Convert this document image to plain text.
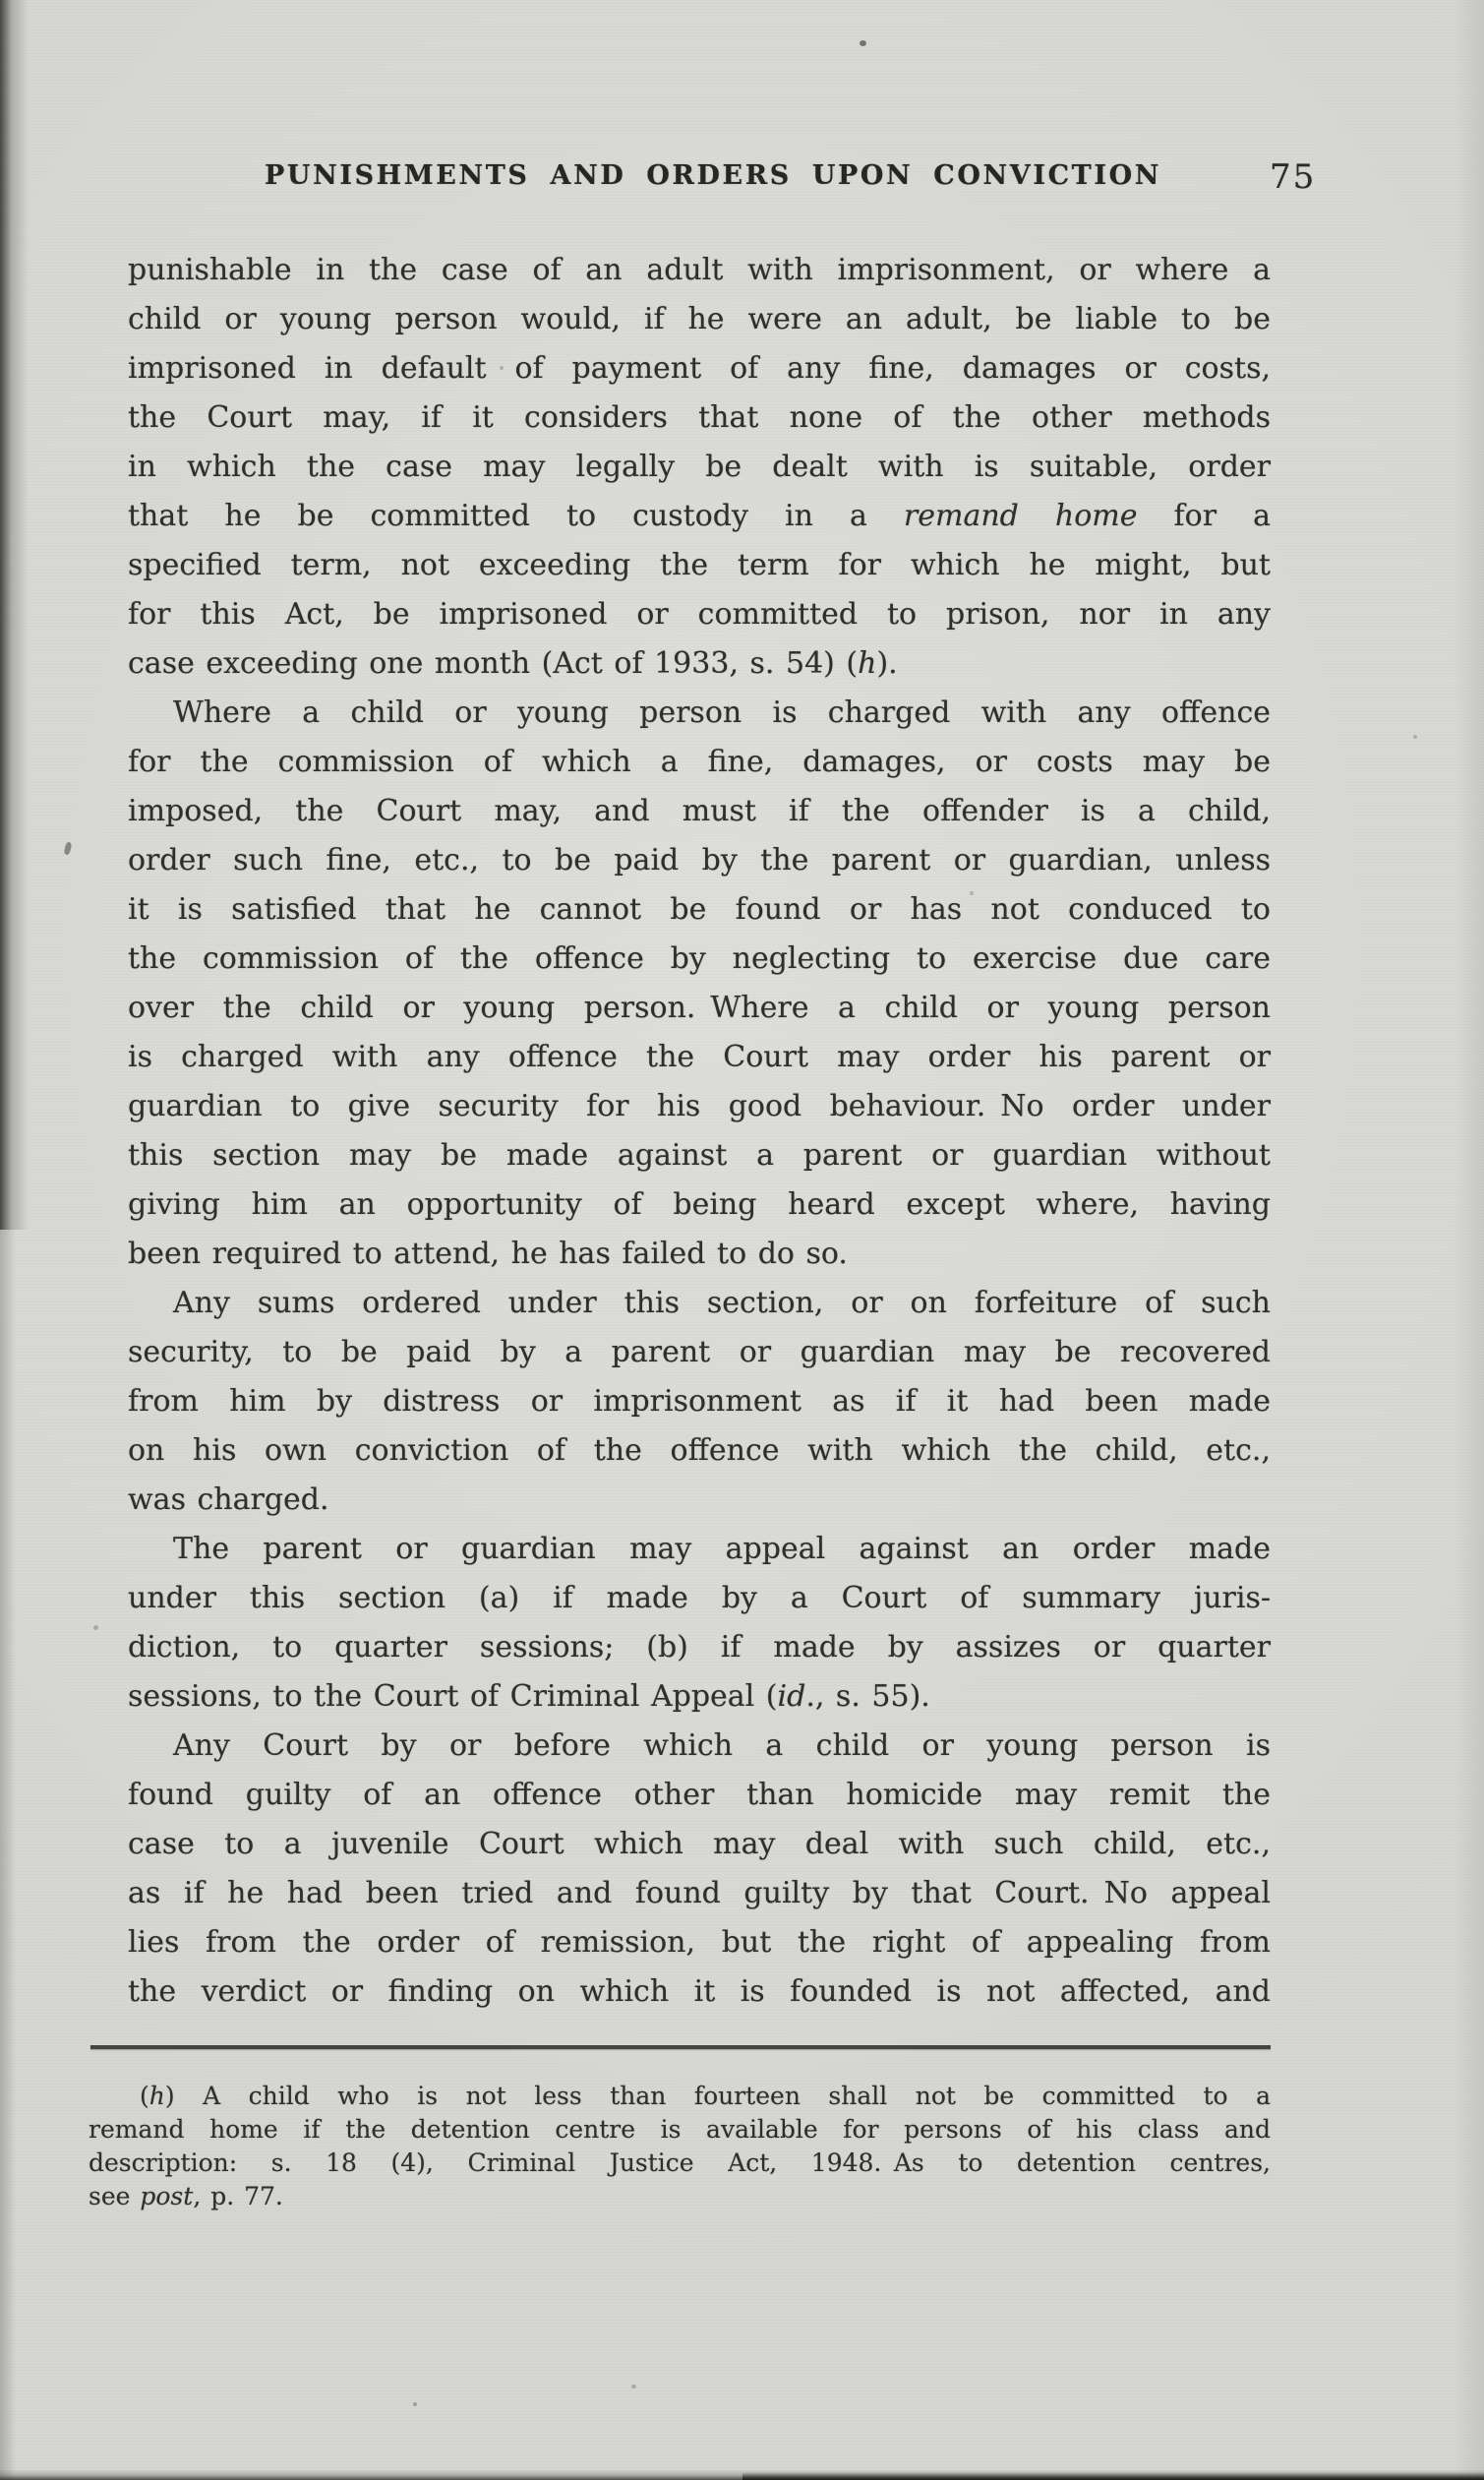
PUNISHMENTS AND ORDERS UPON CONVICTION	75
punishable in the case of an adult with imprisonment, or where a
child or young person would, if he were an adult, be liable to be
imprisoned in default of payment of any fine, damages or costs,
the Court may, if it considers that none of the other methods
in which the case may legally be dealt with is suitable, order
that he be committed to custody in a remand home for a
specified term, not exceeding the term for which he might, but
for this Act, be imprisoned or committed to prison, nor in any
case exceeding one month (Act of 1933, s. 54) (h).
Where a child or young person is charged with any offence
for the commission of which a fine, damages, or costs may be
imposed, the Court may, and must if the offender is a child,
order such fine, etc., to be paid by the parent or guardian, unless
it is satisfied that he cannot be found or has not conduced to
the commission of the offence by neglecting to exercise due care
over the child or young person. Where a child or young person
is charged with any offence the Court may order his parent or
guardian to give security for his good behaviour. No order under
this section may be made against a parent or guardian without
giving him an opportunity of being heard except where, having
been required to attend, he has failed to do so.
Any sums ordered under this section, or on forfeiture of such
security, to be paid by a parent or guardian may be recovered
from him by distress or imprisonment as if it had been made
on his own conviction of the offence with which the child, etc.,
was charged.
The parent or guardian may appeal against an order made
under this section (a) if made by a Court of summary juris-
diction, to quarter sessions; (b) if made by assizes or quarter
sessions, to the Court of Criminal Appeal (id., s. 55).
Any Court by or before which a child or young person is
found guilty of an offence other than homicide may remit the
case to a juvenile Court which may deal with such child, etc.,
as if he had been tried and found guilty by that Court. No appeal
lies from the order of remission, but the right of appealing from
the verdict or finding on which it is founded is not affected, and
(h) A child who is not less than fourteen shall not be committed to a
remand home if the detention centre is available for persons of his class and
description: s. 18 (4), Criminal Justice Act, 1948. As to detention centres,
see post, p. 77.
